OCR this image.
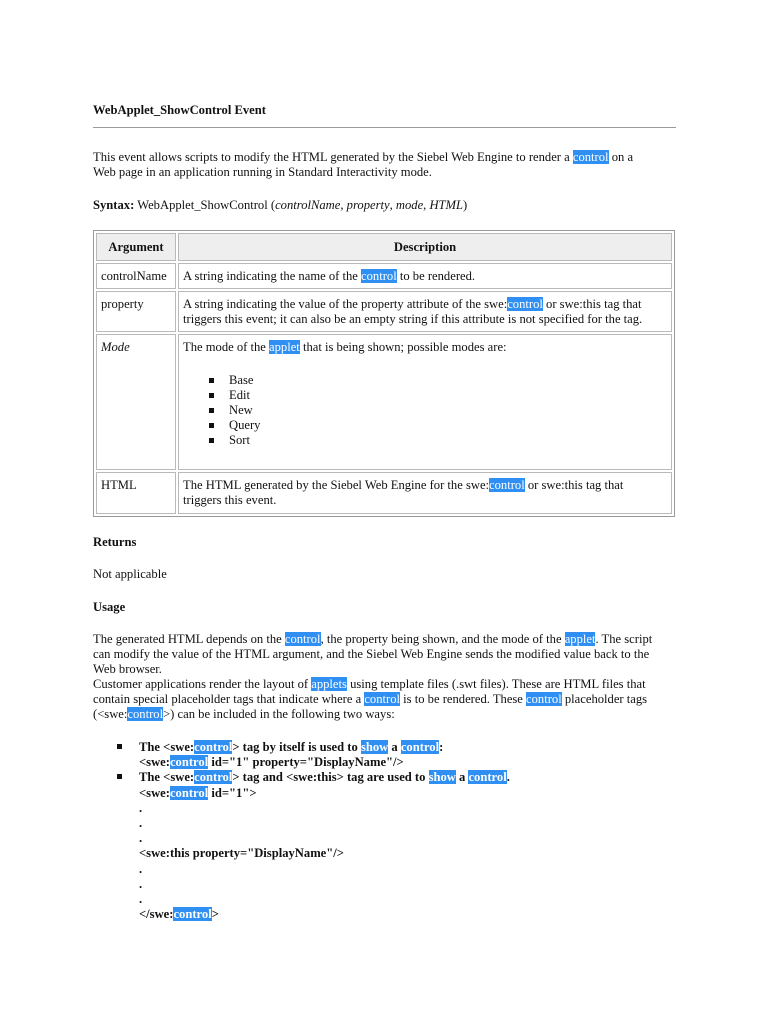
WebApplet_ShowControl Event

This event allows scripts to modify the HTML generated by the Siebel Web Engine to render a control on a

Web page in an application running in Standard Interactivity mode.

Syntax: WebApplet_ShowControl (controlName, property, mode, HTML)

Argument	Description
controlName	A string indicating the name of the control to be rendered.
property	A string indicating the value of the property attribute of the swe:control or swe:this tag that
triggers this event; it can also be an empty string if this attribute is not specified for the tag.
Mode	The mode of the applet that is being shown; possible modes are:
Base
Edit
New
Query
Sort
HTML	The HTML generated by the Siebel Web Engine for the swe:control or swe:this tag that
triggers this event.

Returns

Not applicable

Usage

The generated HTML depends on the control, the property being shown, and the mode of the applet. The script

can modify the value of the HTML argument, and the Siebel Web Engine sends the modified value back to the

Web browser.

Customer applications render the layout of applets using template files (.swt files). These are HTML files that

contain special placeholder tags that indicate where a control is to be rendered. These control placeholder tags

(<swe:control>) can be included in the following two ways:

The <swe:control> tag by itself is used to show a control:
<swe:control id="1" property="DisplayName"/>
The <swe:control> tag and <swe:this> tag are used to show a control.
<swe:control id="1">
.
.
.
<swe:this property="DisplayName"/>
.
.
.
</swe:control>
